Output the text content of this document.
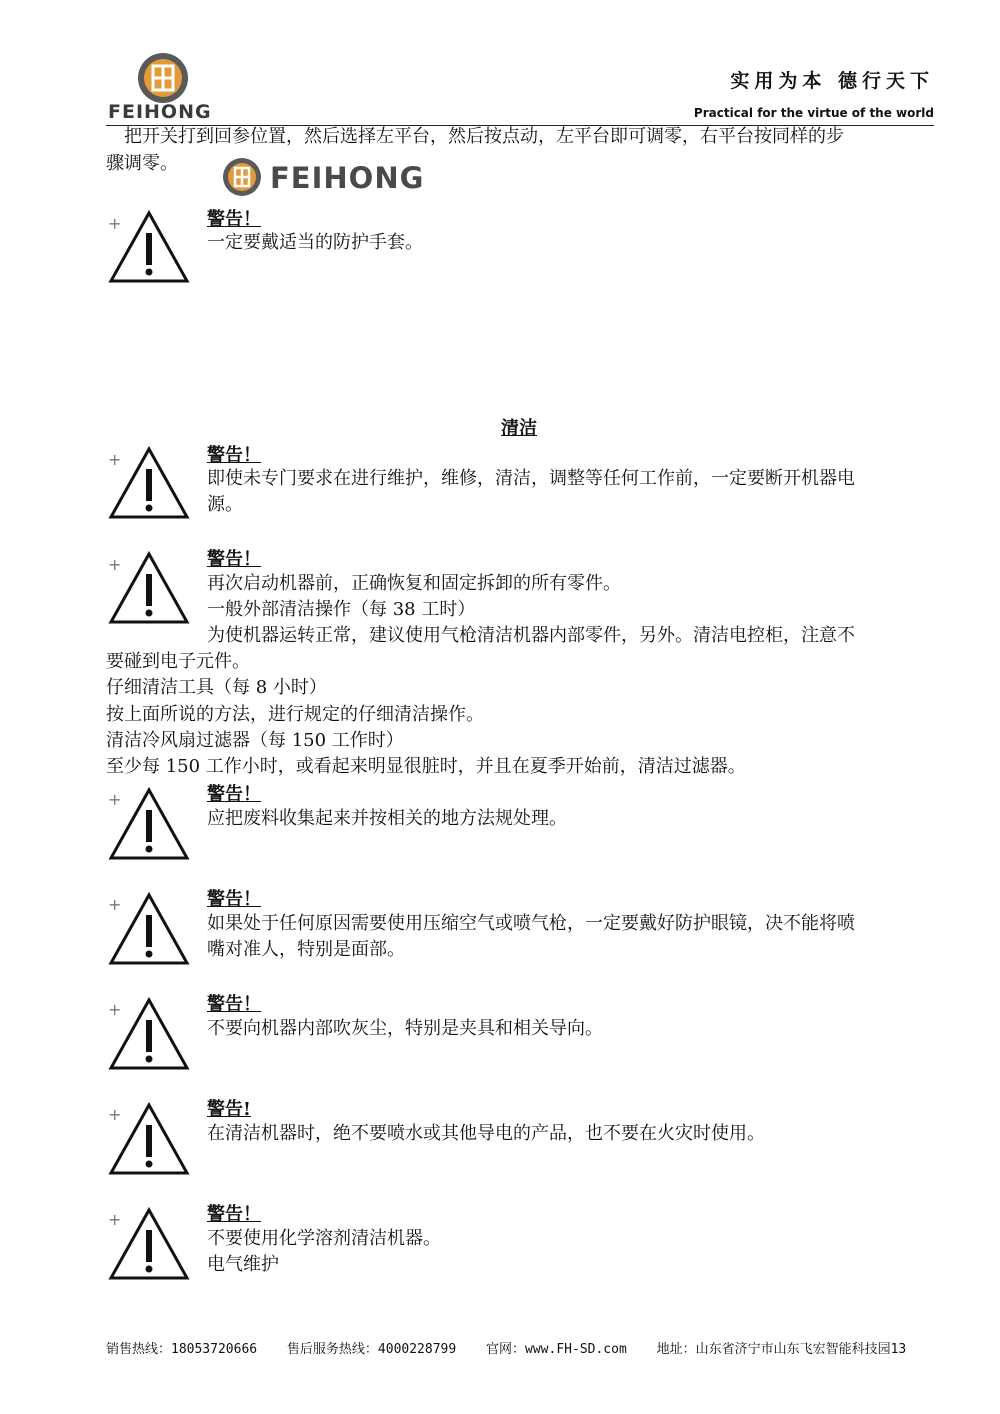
FEIHONG
实用为本 德行天下
Practical for the virtue of the world
把开关打到回参位置，然后选择左平台，然后按点动，左平台即可调零，右平台按同样的步
骤调零。	FEIHONG
+	警告！
一定要戴适当的防护手套。
清洁
+	警告！
即使未专门要求在进行维护，维修，清洁，调整等任何工作前，一定要断开机器电
源。
+	警告！
再次启动机器前，正确恢复和固定拆卸的所有零件。
一般外部清洁操作（每 38 工时）
为使机器运转正常，建议使用气枪清洁机器内部零件，另外。清洁电控柜，注意不
要碰到电子元件。
仔细清洁工具（每 8 小时）
按上面所说的方法，进行规定的仔细清洁操作。
清洁冷风扇过滤器（每 150 工作时）
至少每 150 工作小时，或看起来明显很脏时，并且在夏季开始前，清洁过滤器。
+	警告！
应把废料收集起来并按相关的地方法规处理。
+	警告！
如果处于任何原因需要使用压缩空气或喷气枪，一定要戴好防护眼镜，决不能将喷
嘴对准人，特别是面部。
+	警告！
不要向机器内部吹灰尘，特别是夹具和相关导向。
+	警告!
在清洁机器时，绝不要喷水或其他导电的产品，也不要在火灾时使用。
+	警告！
不要使用化学溶剂清洁机器。
电气维护
销售热线：18053720666 售后服务热线：4000228799 官网：www.FH-SD.com 地址：山东省济宁市山东飞宏智能科技园13
